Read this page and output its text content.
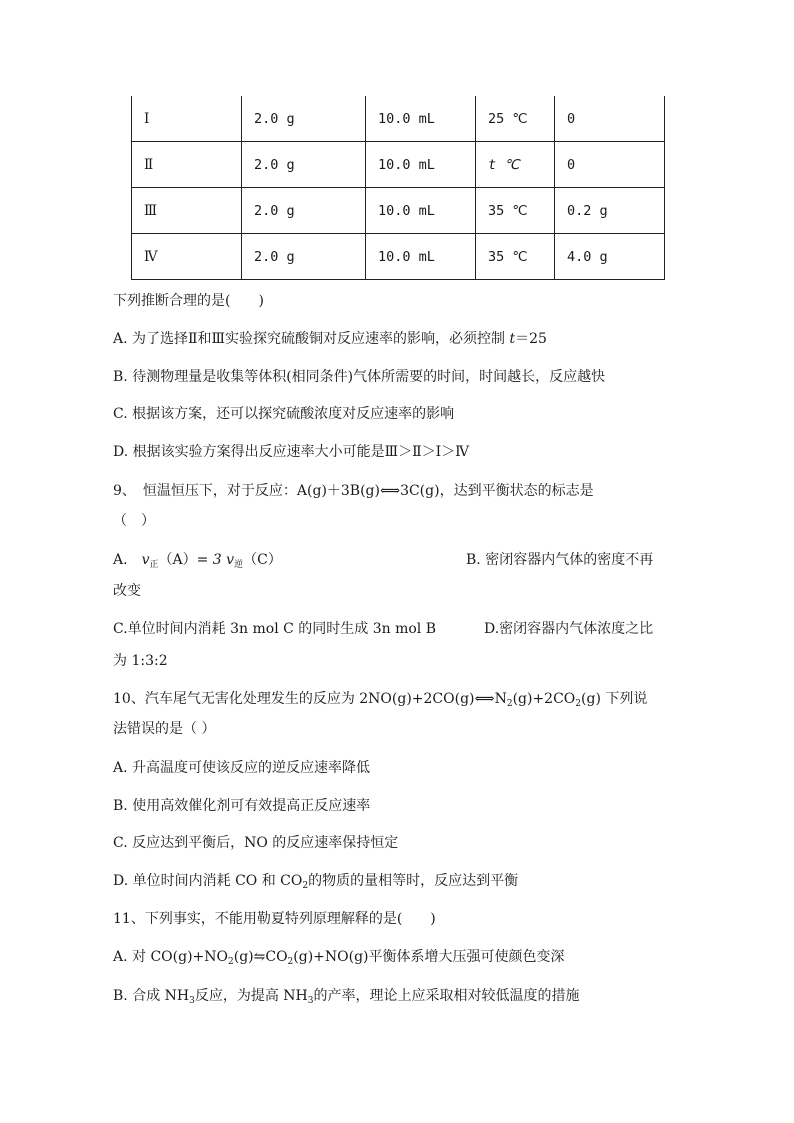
Ⅰ	2.0 g	10.0 mL	25 ℃	0
Ⅱ	2.0 g	10.0 mL	t ℃	0
Ⅲ	2.0 g	10.0 mL	35 ℃	0.2 g
Ⅳ	2.0 g	10.0 mL	35 ℃	4.0 g
下列推断合理的是(　　)
A. 为了选择Ⅱ和Ⅲ实验探究硫酸铜对反应速率的影响，必须控制 t＝25
B. 待测物理量是收集等体积(相同条件)气体所需要的时间，时间越长，反应越快
C. 根据该方案，还可以探究硫酸浓度对反应速率的影响
D. 根据该实验方案得出反应速率大小可能是Ⅲ＞Ⅱ＞Ⅰ＞Ⅳ
9、　恒温恒压下，对于反应：A(g)＋3B(g)⟺3C(g)，达到平衡状态的标志是
（　）
A.　$v_正(A)= 3$ $v_逆(C)$	B. 密闭容器内气体的密度不再
改变
C.单位时间内消耗 3n mol C 的同时生成 3n mol B	D.密闭容器内气体浓度之比
为 1:3:2
10、汽车尾气无害化处理发生的反应为 $2NO(g)+2CO(g)⟺N_2(g)+2CO_2(g)$ 下列说
法错误的是（ ）
A. 升高温度可使该反应的逆反应速率降低
B. 使用高效催化剂可有效提高正反应速率
C. 反应达到平衡后，NO 的反应速率保持恒定
D. 单位时间内消耗 CO 和 $CO_2$的物质的量相等时，反应达到平衡
11、下列事实，不能用勒夏特列原理解释的是(　　)
A. 对 $CO(g)+NO_2(g)⇋CO_2(g)+NO(g)$平衡体系增大压强可使颜色变深
B. 合成 $NH_3$反应，为提高 $NH_3$的产率，理论上应采取相对较低温度的措施
